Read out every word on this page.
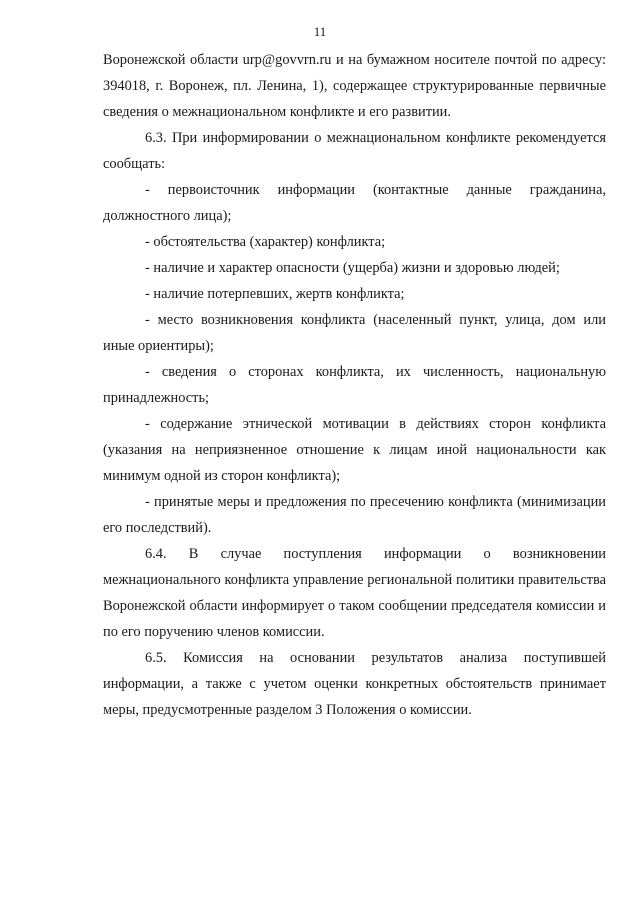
11

Воронежской области urp@govvrn.ru и на бумажном носителе почтой по адресу: 394018, г. Воронеж, пл. Ленина, 1), содержащее структурированные первичные сведения о межнациональном конфликте и его развитии.

6.3. При информировании о межнациональном конфликте рекомендуется сообщать:

- первоисточник информации (контактные данные гражданина, должностного лица);

- обстоятельства (характер) конфликта;

- наличие и характер опасности (ущерба) жизни и здоровью людей;

- наличие потерпевших, жертв конфликта;

- место возникновения конфликта (населенный пункт, улица, дом или иные ориентиры);

- сведения о сторонах конфликта, их численность, национальную принадлежность;

- содержание этнической мотивации в действиях сторон конфликта (указания на неприязненное отношение к лицам иной национальности как минимум одной из сторон конфликта);

- принятые меры и предложения по пресечению конфликта (минимизации его последствий).

6.4. В случае поступления информации о возникновении межнационального конфликта управление региональной политики правительства Воронежской области информирует о таком сообщении председателя комиссии и по его поручению членов комиссии.

6.5. Комиссия на основании результатов анализа поступившей информации, а также с учетом оценки конкретных обстоятельств принимает меры, предусмотренные разделом 3 Положения о комиссии.
